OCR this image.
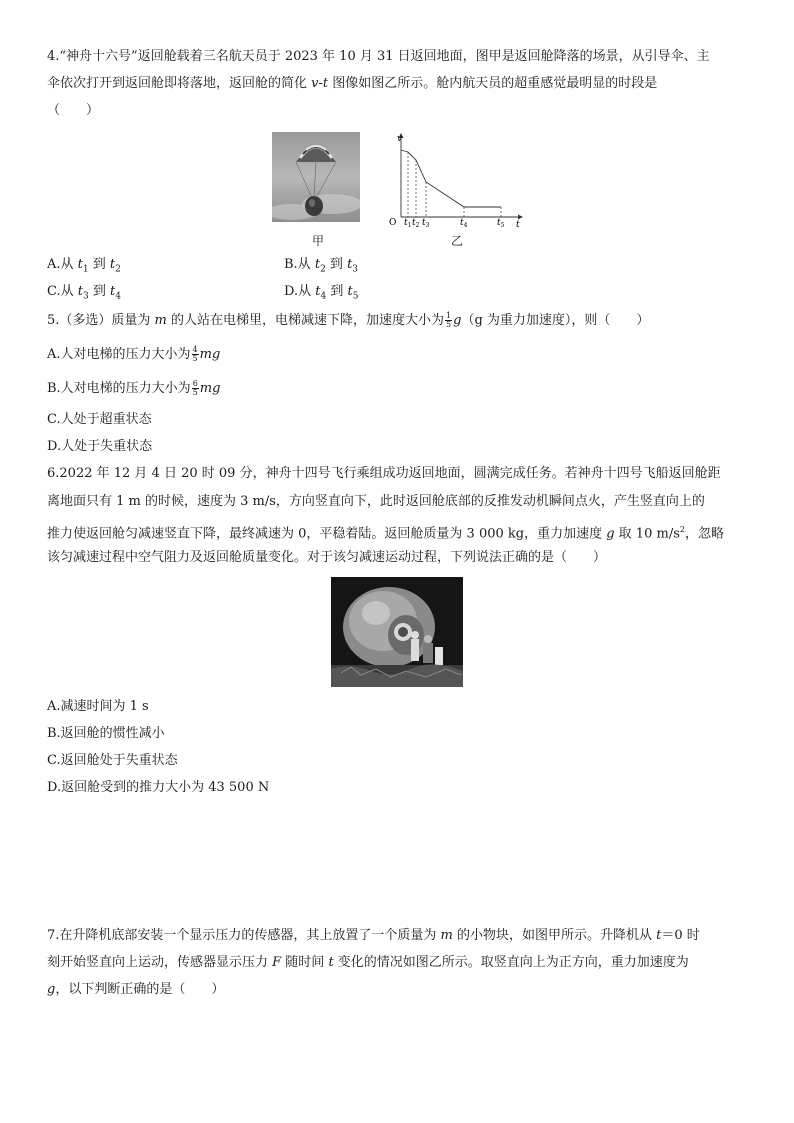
4.“神舟十六号”返回舱载着三名航天员于 2023 年 10 月 31 日返回地面，图甲是返回舱降落的场景，从引导伞、主
伞依次打开到返回舱即将落地，返回舱的简化 v-t 图像如图乙所示。舱内航天员的超重感觉最明显的时段是
（　　）
甲
v
t
O $t_1$ $t_2$ $t_3$	$t_4$	$t_5$
乙
A.从 $t_1$ 到 $t_2$	B.从 $t_2$ 到 $t_3$
C.从 $t_3$ 到 $t_4$	D.从 $t_4$ 到 $t_5$
5.（多选）质量为 m 的人站在电梯里，电梯减速下降，加速度大小为 $\frac{1}{5} g(g$ 为重力加速度），则（　　）
A.人对电梯的压力大小为 $\frac{4}{5}$ mg
B.人对电梯的压力大小为 $\frac{6}{5}$ mg
C.人处于超重状态
D.人处于失重状态
6.2022 年 12 月 4 日 20 时 09 分，神舟十四号飞行乘组成功返回地面，圆满完成任务。若神舟十四号飞船返回舱距
离地面只有 1 m 的时候，速度为 3 m/s，方向竖直向下，此时返回舱底部的反推发动机瞬间点火，产生竖直向上的
推力使返回舱匀减速竖直下降，最终减速为 0，平稳着陆。返回舱质量为 3 000 kg，重力加速度 g 取 10 $m/s^2$，忽略
该匀减速过程中空气阻力及返回舱质量变化。对于该匀减速运动过程，下列说法正确的是（　　）
A.减速时间为 1 s
B.返回舱的惯性减小
C.返回舱处于失重状态
D.返回舱受到的推力大小为 43 500 N
7.在升降机底部安装一个显示压力的传感器，其上放置了一个质量为 m 的小物块，如图甲所示。升降机从 t＝0 时
刻开始竖直向上运动，传感器显示压力 F 随时间 t 变化的情况如图乙所示。取竖直向上为正方向，重力加速度为
g，以下判断正确的是（　　）
